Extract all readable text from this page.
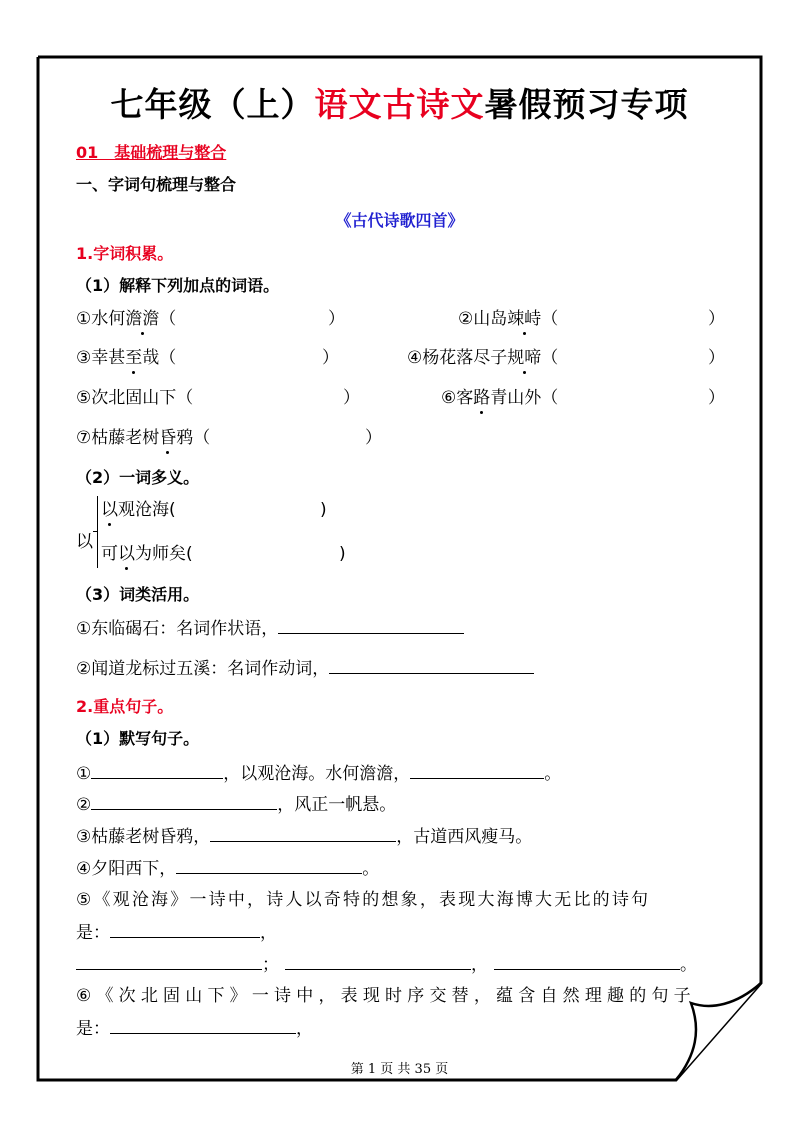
七年级（上）语文古诗文暑假预习专项
01　基础梳理与整合
一、字词句梳理与整合
《古代诗歌四首》
1.字词积累。
（1）解释下列加点的词语。
①水何澹澹（	）	②山岛竦峙（	）
③幸甚至哉（	）	④杨花落尽子规啼（	）
⑤次北固山下（	）	⑥客路青山外（	）
⑦枯藤老树昏鸦（	）
（2）一词多义。
以
以观沧海(	)
可以为师矣(	)
（3）词类活用。
①东临碣石：名词作状语，
②闻道龙标过五溪：名词作动词，
2.重点句子。
（1）默写句子。
①	，以观沧海。水何澹澹，	。
②	，风正一帆悬。
③枯藤老树昏鸦，	，古道西风瘦马。
④夕阳西下，	。
⑤《观沧海》一诗中，诗人以奇特的想象，表现大海博大无比的诗句
是：	，
；	，	。
⑥《次北固山下》一诗中，表现时序交替，蕴含自然理趣的句子
是：	，
第 1 页 共 35 页
